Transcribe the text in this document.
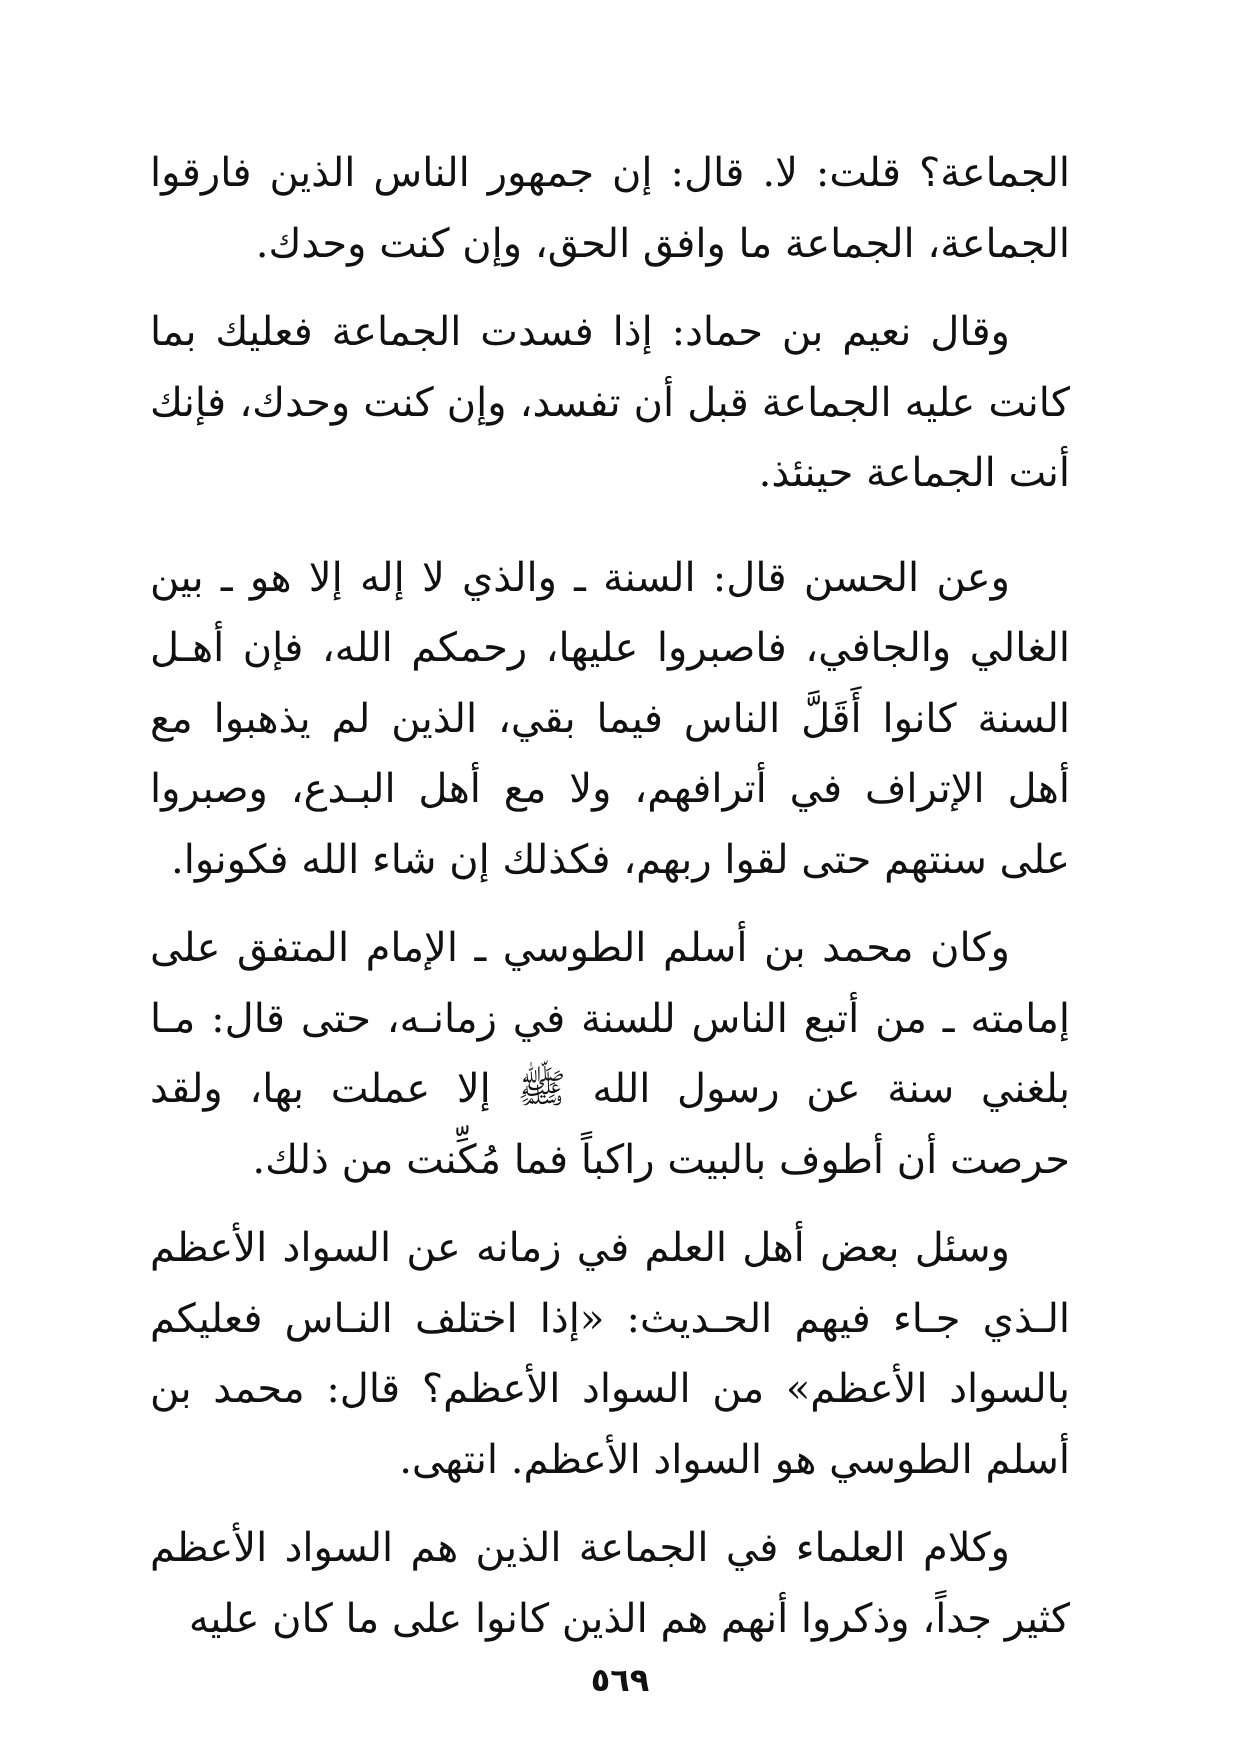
الجماعة؟ قلت: لا. قال: إن جمهور الناس الذين فارقوا الجماعة، الجماعة ما وافق الحق، وإن كنت وحدك.

وقال نعيم بن حماد: إذا فسدت الجماعة فعليك بما كانت عليه الجماعة قبل أن تفسد، وإن كنت وحدك، فإنك أنت الجماعة حينئذ.

وعن الحسن قال: السنة ـ والذي لا إله إلا هو ـ بين الغالي والجافي، فاصبروا عليها، رحمكم الله، فإن أهـل السنة كانوا أَقَلَّ الناس فيما بقي، الذين لم يذهبوا مع أهل الإتراف في أترافهم، ولا مع أهل البـدع، وصبروا على سنتهم حتى لقوا ربهم، فكذلك إن شاء الله فكونوا.

وكان محمد بن أسلم الطوسي ـ الإمام المتفق على إمامته ـ من أتبع الناس للسنة في زمانـه، حتى قال: مـا بلغني سنة عن رسول الله ﷺ إلا عملت بها، ولقد حرصت أن أطوف بالبيت راكباً فما مُكِّنت من ذلك.

وسئل بعض أهل العلم في زمانه عن السواد الأعظم الـذي جـاء فيهم الحـديث: «إذا اختلف النـاس فعليكم بالسواد الأعظم» من السواد الأعظم؟ قال: محمد بن أسلم الطوسي هو السواد الأعظم. انتهى.

وكلام العلماء في الجماعة الذين هم السواد الأعظم كثير جداً، وذكروا أنهم هم الذين كانوا على ما كان عليه

٥٦٩
